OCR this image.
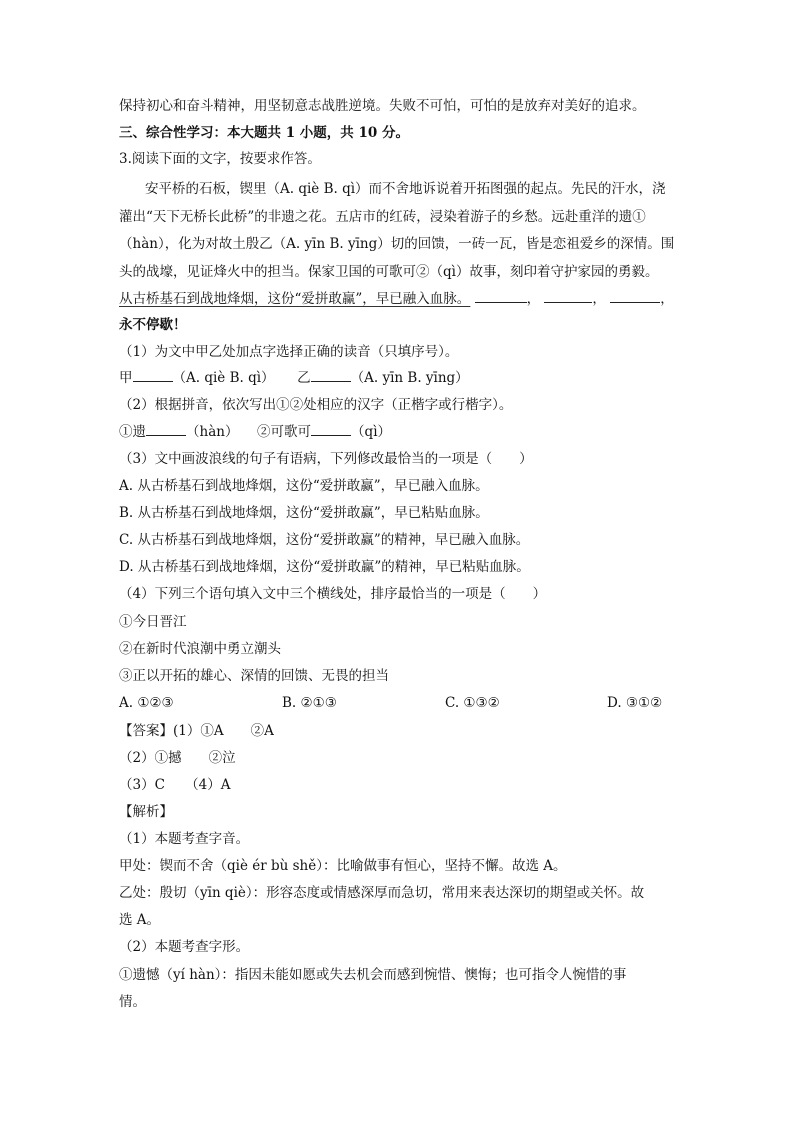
保持初心和奋斗精神，用坚韧意志战胜逆境。失败不可怕，可怕的是放弃对美好的追求。
三、综合性学习：本大题共 1 小题，共 10 分。
3.阅读下面的文字，按要求作答。
安平桥的石板，锲里（A. qiè B. qì）而不舍地诉说着开拓图强的起点。先民的汗水，浇
灌出“天下无桥长此桥”的非遗之花。五店市的红砖，浸染着游子的乡愁。远赴重洋的遗①
（hàn），化为对故土殷乙（A. yīn B. yīng）切的回馈，一砖一瓦，皆是恋祖爱乡的深情。围
头的战壕，见证烽火中的担当。保家卫国的可歌可②（qì）故事，刻印着守护家园的勇毅。
从古桥基石到战地烽烟，这份“爱拼敢赢”，早已融入血脉。	，	，	，
永不停歇！
（1）为文中甲乙处加点字选择正确的读音（只填序号）。
甲	（A. qiè B. qì） 乙	（A. yīn B. yīng）
（2）根据拼音，依次写出①②处相应的汉字（正楷字或行楷字）。
①遗	（hàn） ②可歌可	（qì）
（3）文中画波浪线的句子有语病，下列修改最恰当的一项是（　　）
A. 从古桥基石到战地烽烟，这份“爱拼敢赢”，早已融入血脉。
B. 从古桥基石到战地烽烟，这份“爱拼敢赢”，早已粘贴血脉。
C. 从古桥基石到战地烽烟，这份“爱拼敢赢”的精神，早已融入血脉。
D. 从古桥基石到战地烽烟，这份“爱拼敢赢”的精神，早已粘贴血脉。
（4）下列三个语句填入文中三个横线处，排序最恰当的一项是（　　）
①今日晋江
②在新时代浪潮中勇立潮头
③正以开拓的雄心、深情的回馈、无畏的担当
A. ①②③	B. ②①③	C. ①③②	D. ③①②
【答案】(1）①A　　②A
（2）①撼　　②泣
（3）C　　（4）A
【解析】
（1）本题考查字音。
甲处：锲而不舍（qiè ér bù shě）：比喻做事有恒心，坚持不懈。故选 A。
乙处：殷切（yīn qiè）：形容态度或情感深厚而急切，常用来表达深切的期望或关怀。故
选 A。
（2）本题考查字形。
①遗憾（yí hàn）：指因未能如愿或失去机会而感到惋惜、懊悔；也可指令人惋惜的事
情。
